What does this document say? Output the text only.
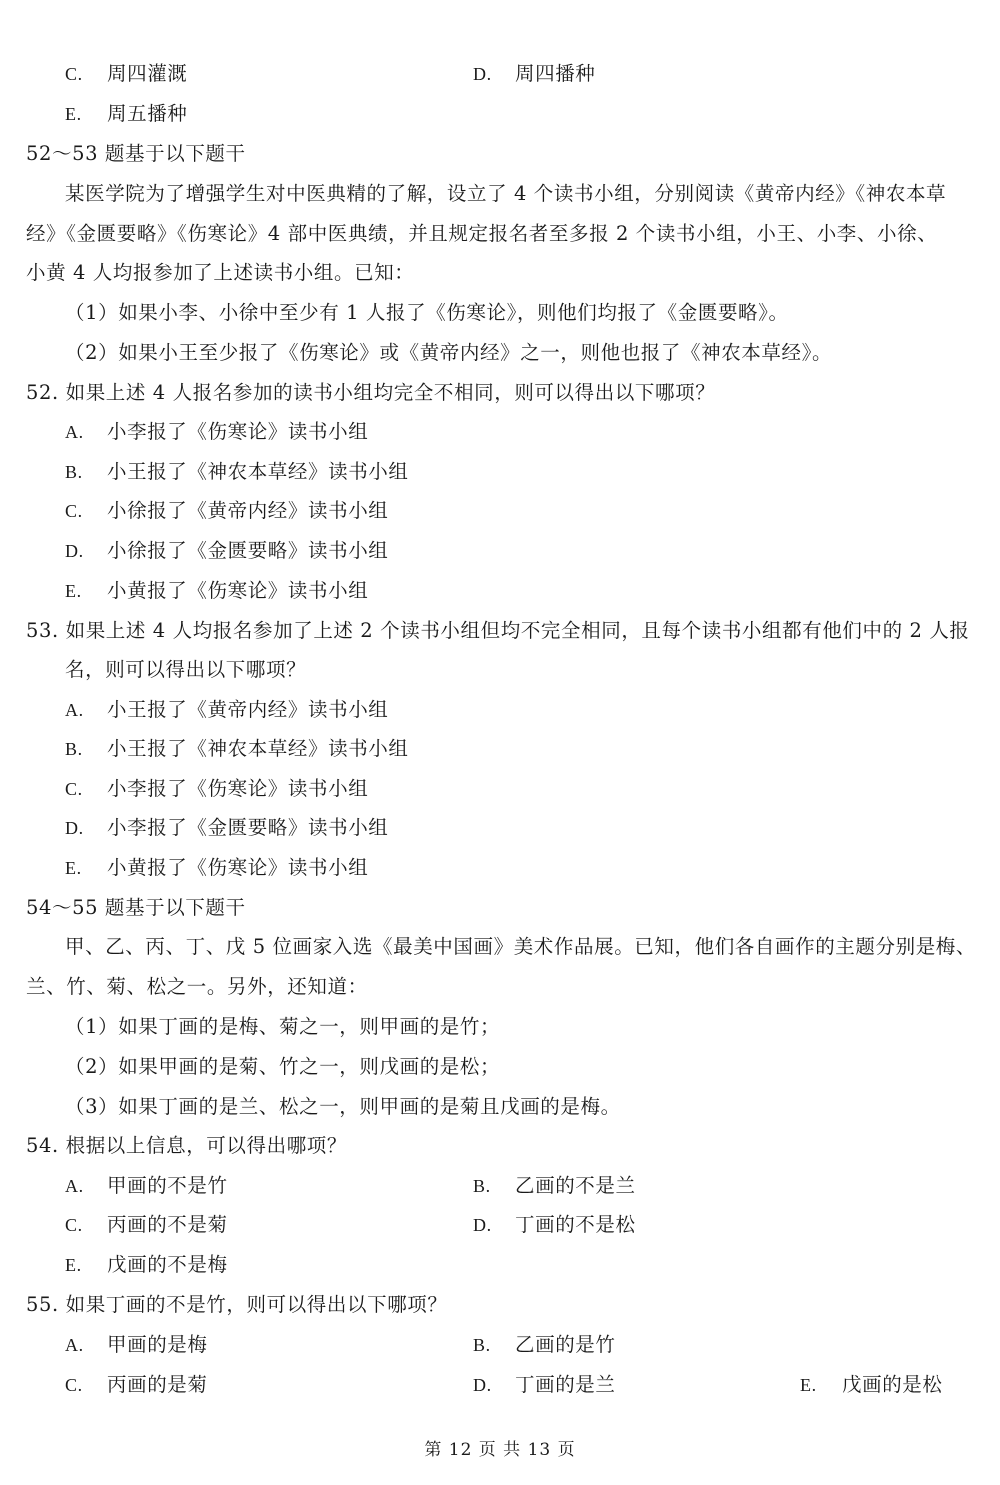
C. 周四灌溉	D. 周四播种
E. 周五播种
52～53 题基于以下题干
某医学院为了增强学生对中医典精的了解，设立了 4 个读书小组，分别阅读《黄帝内经》《神农本草
经》《金匮要略》《伤寒论》4 部中医典绩，并且规定报名者至多报 2 个读书小组，小王、小李、小徐、
小黄 4 人均报参加了上述读书小组。已知：
（1）如果小李、小徐中至少有 1 人报了《伤寒论》，则他们均报了《金匮要略》。
（2）如果小王至少报了《伤寒论》或《黄帝内经》之一，则他也报了《神农本草经》。
52. 如果上述 4 人报名参加的读书小组均完全不相同，则可以得出以下哪项？
A. 小李报了《伤寒论》读书小组
B. 小王报了《神农本草经》读书小组
C. 小徐报了《黄帝内经》读书小组
D. 小徐报了《金匮要略》读书小组
E. 小黄报了《伤寒论》读书小组
53. 如果上述 4 人均报名参加了上述 2 个读书小组但均不完全相同，且每个读书小组都有他们中的 2 人报
名，则可以得出以下哪项？
A. 小王报了《黄帝内经》读书小组
B. 小王报了《神农本草经》读书小组
C. 小李报了《伤寒论》读书小组
D. 小李报了《金匮要略》读书小组
E. 小黄报了《伤寒论》读书小组
54～55 题基于以下题干
甲、乙、丙、丁、戊 5 位画家入选《最美中国画》美术作品展。已知，他们各自画作的主题分别是梅、
兰、竹、菊、松之一。另外，还知道：
（1）如果丁画的是梅、菊之一，则甲画的是竹；
（2）如果甲画的是菊、竹之一，则戊画的是松；
（3）如果丁画的是兰、松之一，则甲画的是菊且戊画的是梅。
54. 根据以上信息，可以得出哪项？
A. 甲画的不是竹	B. 乙画的不是兰
C. 丙画的不是菊	D. 丁画的不是松
E. 戊画的不是梅
55. 如果丁画的不是竹，则可以得出以下哪项？
A. 甲画的是梅	B. 乙画的是竹
C. 丙画的是菊	D. 丁画的是兰	E. 戊画的是松
第 12 页 共 13 页
